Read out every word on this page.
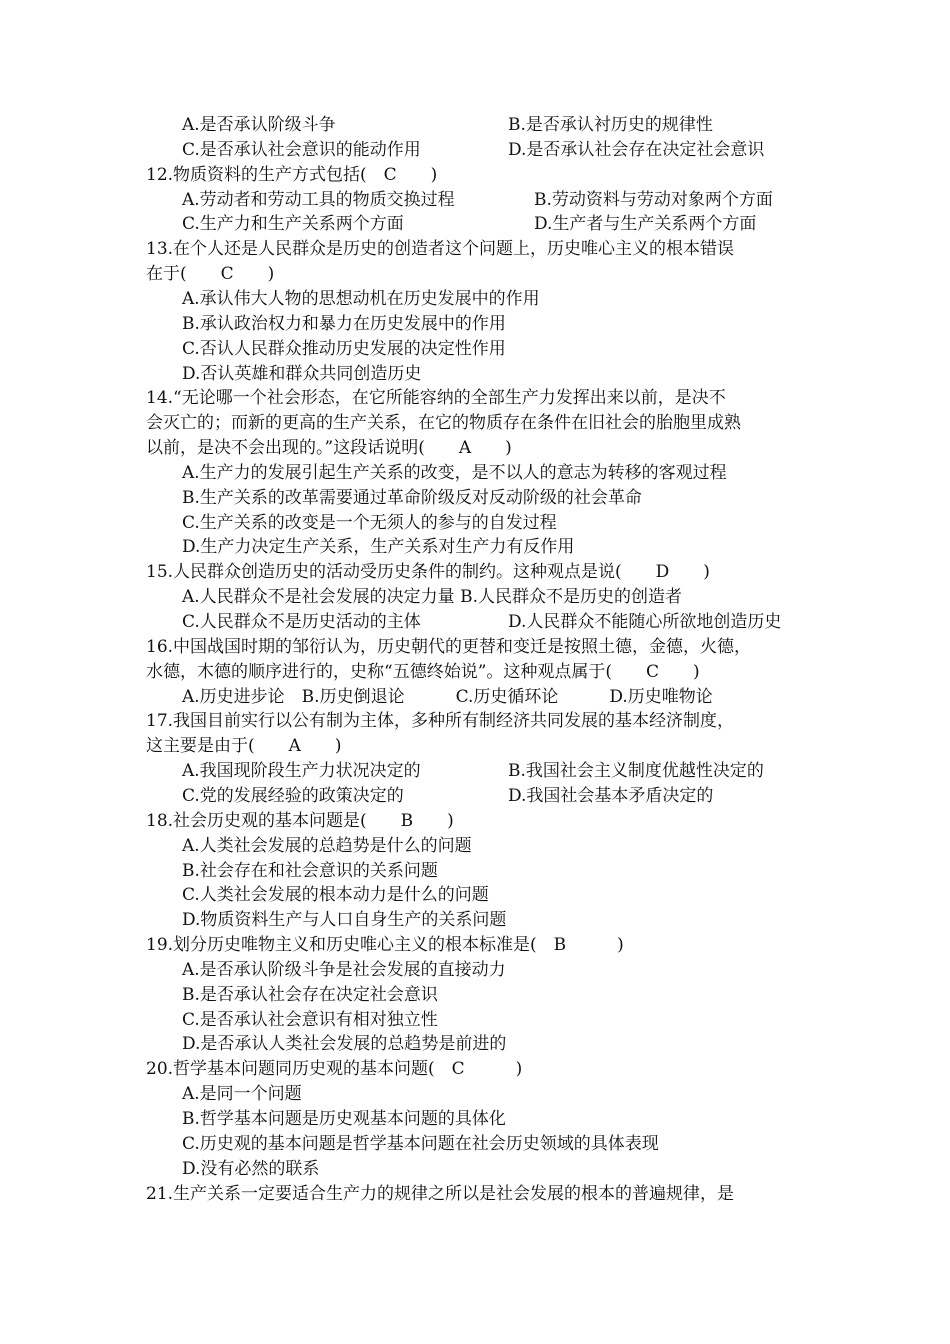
A.是否承认阶级斗争	B.是否承认衬历史的规律性
C.是否承认社会意识的能动作用	D.是否承认社会存在决定社会意识
12.物质资料的生产方式包括(　C　　)
A.劳动者和劳动工具的物质交换过程	B.劳动资料与劳动对象两个方面
C.生产力和生产关系两个方面	D.生产者与生产关系两个方面
13.在个人还是人民群众是历史的创造者这个问题上，历史唯心主义的根本错误
在于(　　C　　)
A.承认伟大人物的思想动机在历史发展中的作用
B.承认政治权力和暴力在历史发展中的作用
C.否认人民群众推动历史发展的决定性作用
D.否认英雄和群众共同创造历史
14.“无论哪一个社会形态，在它所能容纳的全部生产力发挥出来以前，是决不
会灭亡的；而新的更高的生产关系，在它的物质存在条件在旧社会的胎胞里成熟
以前，是决不会出现的。”这段话说明(　　A　　)
A.生产力的发展引起生产关系的改变，是不以人的意志为转移的客观过程
B.生产关系的改革需要通过革命阶级反对反动阶级的社会革命
C.生产关系的改变是一个无须人的参与的自发过程
D.生产力决定生产关系，生产关系对生产力有反作用
15.人民群众创造历史的活动受历史条件的制约。这种观点是说(　　D　　)
A.人民群众不是社会发展的决定力量 B.人民群众不是历史的创造者
C.人民群众不是历史活动的主体	D.人民群众不能随心所欲地创造历史
16.中国战国时期的邹衍认为，历史朝代的更替和变迁是按照土德，金德，火德，
水德，木德的顺序进行的，史称“五德终始说”。这种观点属于(　　C　　)
A.历史进步论　B.历史倒退论　　　C.历史循环论　　　D.历史唯物论
17.我国目前实行以公有制为主体，多种所有制经济共同发展的基本经济制度，
这主要是由于(　　A　　)
A.我国现阶段生产力状况决定的	B.我国社会主义制度优越性决定的
C.党的发展经验的政策决定的	D.我国社会基本矛盾决定的
18.社会历史观的基本问题是(　　B　　)
A.人类社会发展的总趋势是什么的问题
B.社会存在和社会意识的关系问题
C.人类社会发展的根本动力是什么的问题
D.物质资料生产与人口自身生产的关系问题
19.划分历史唯物主义和历史唯心主义的根本标准是(　B　　　)
A.是否承认阶级斗争是社会发展的直接动力
B.是否承认社会存在决定社会意识
C.是否承认社会意识有相对独立性
D.是否承认人类社会发展的总趋势是前进的
20.哲学基本问题同历史观的基本问题(　C　　　)
A.是同一个问题
B.哲学基本问题是历史观基本问题的具体化
C.历史观的基本问题是哲学基本问题在社会历史领域的具体表现
D.没有必然的联系
21.生产关系一定要适合生产力的规律之所以是社会发展的根本的普遍规律，是
